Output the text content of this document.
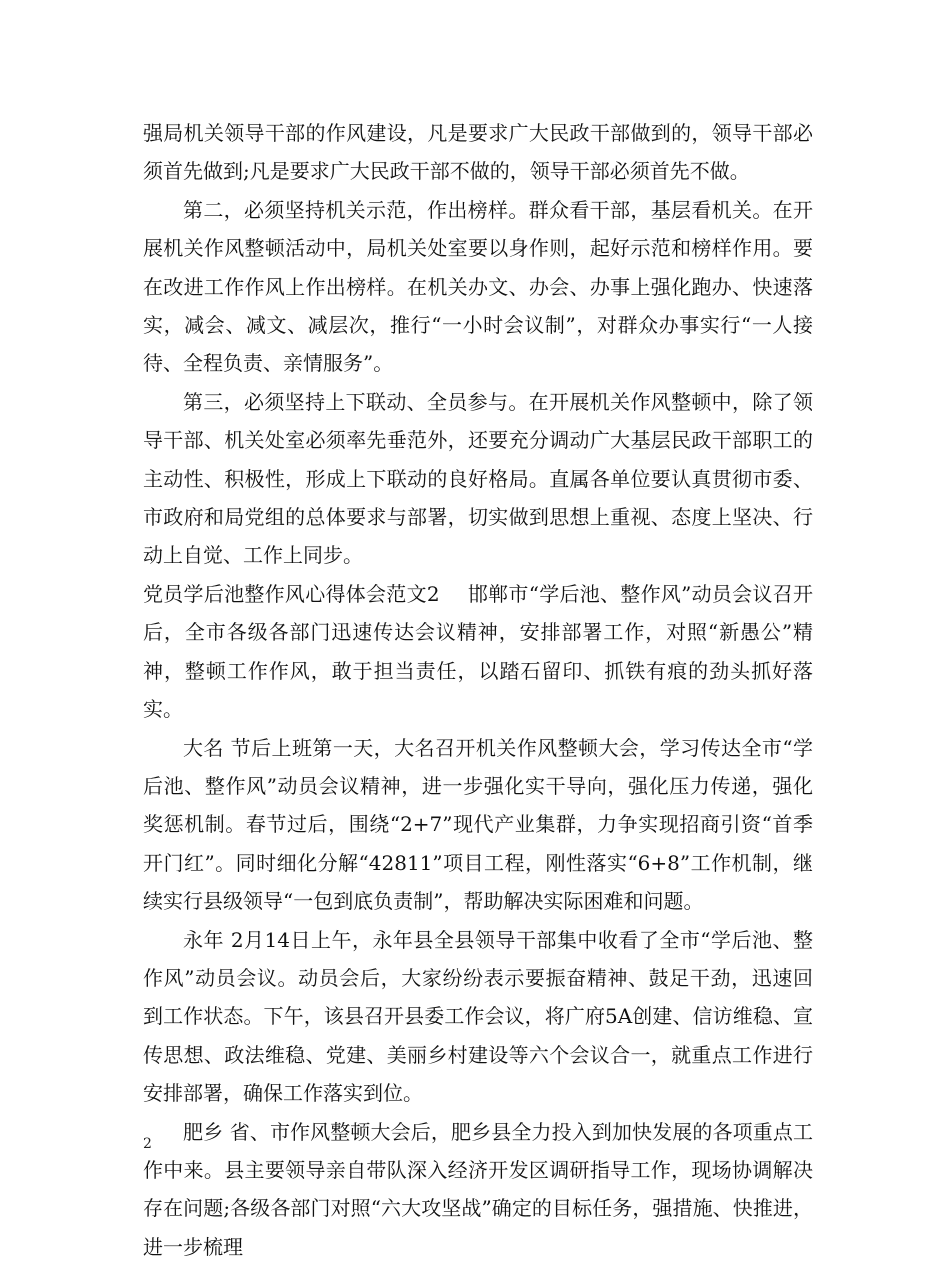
强局机关领导干部的作风建设，凡是要求广大民政干部做到的，领导干部必须首先做到;凡是要求广大民政干部不做的，领导干部必须首先不做。

第二，必须坚持机关示范，作出榜样。群众看干部，基层看机关。在开展机关作风整顿活动中，局机关处室要以身作则，起好示范和榜样作用。要在改进工作作风上作出榜样。在机关办文、办会、办事上强化跑办、快速落实，减会、减文、减层次，推行“一小时会议制”，对群众办事实行“一人接待、全程负责、亲情服务”。

第三，必须坚持上下联动、全员参与。在开展机关作风整顿中，除了领导干部、机关处室必须率先垂范外，还要充分调动广大基层民政干部职工的主动性、积极性，形成上下联动的良好格局。直属各单位要认真贯彻市委、市政府和局党组的总体要求与部署，切实做到思想上重视、态度上坚决、行动上自觉、工作上同步。

党员学后池整作风心得体会范文2 邯郸市“学后池、整作风”动员会议召开后，全市各级各部门迅速传达会议精神，安排部署工作，对照“新愚公”精神，整顿工作作风，敢于担当责任，以踏石留印、抓铁有痕的劲头抓好落实。

大名 节后上班第一天，大名召开机关作风整顿大会，学习传达全市“学后池、整作风”动员会议精神，进一步强化实干导向，强化压力传递，强化奖惩机制。春节过后，围绕“2+7”现代产业集群，力争实现招商引资“首季开门红”。同时细化分解“42811”项目工程，刚性落实“6+8”工作机制，继续实行县级领导“一包到底负责制”，帮助解决实际困难和问题。

永年 2月14日上午，永年县全县领导干部集中收看了全市“学后池、整作风”动员会议。动员会后，大家纷纷表示要振奋精神、鼓足干劲，迅速回到工作状态。下午，该县召开县委工作会议，将广府5A创建、信访维稳、宣传思想、政法维稳、党建、美丽乡村建设等六个会议合一，就重点工作进行安排部署，确保工作落实到位。

肥乡 省、市作风整顿大会后，肥乡县全力投入到加快发展的各项重点工作中来。县主要领导亲自带队深入经济开发区调研指导工作，现场协调解决存在问题;各级各部门对照“六大攻坚战”确定的目标任务，强措施、快推进，进一步梳理

2
